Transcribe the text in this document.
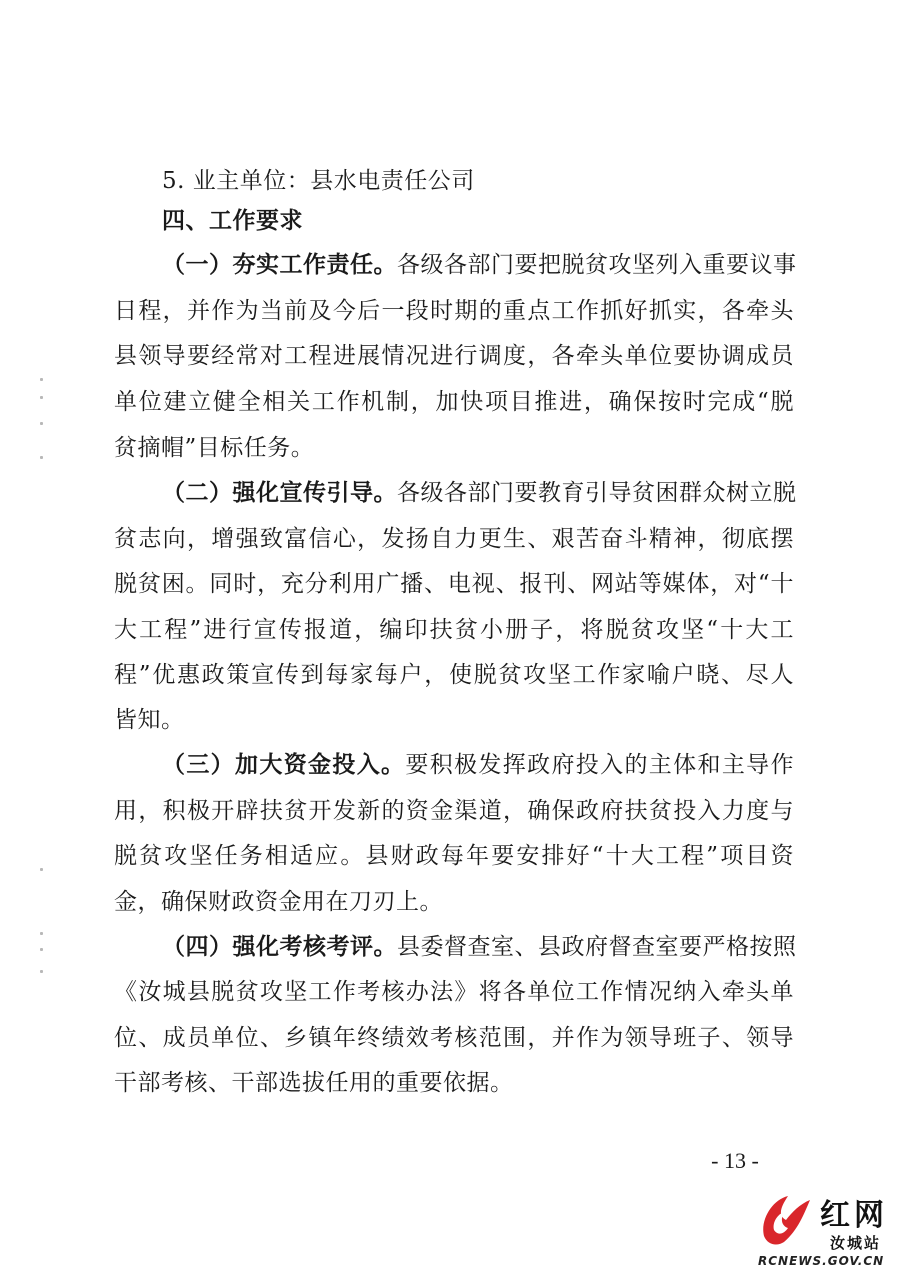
5. 业主单位：县水电责任公司
四、工作要求
（一）夯实工作责任。各级各部门要把脱贫攻坚列入重要议事
日程，并作为当前及今后一段时期的重点工作抓好抓实，各牵头
县领导要经常对工程进展情况进行调度，各牵头单位要协调成员
单位建立健全相关工作机制，加快项目推进，确保按时完成“脱
贫摘帽”目标任务。
（二）强化宣传引导。各级各部门要教育引导贫困群众树立脱
贫志向，增强致富信心，发扬自力更生、艰苦奋斗精神，彻底摆
脱贫困。同时，充分利用广播、电视、报刊、网站等媒体，对“十
大工程”进行宣传报道，编印扶贫小册子，将脱贫攻坚“十大工
程”优惠政策宣传到每家每户，使脱贫攻坚工作家喻户晓、尽人
皆知。
（三）加大资金投入。要积极发挥政府投入的主体和主导作
用，积极开辟扶贫开发新的资金渠道，确保政府扶贫投入力度与
脱贫攻坚任务相适应。县财政每年要安排好“十大工程”项目资
金，确保财政资金用在刀刃上。
（四）强化考核考评。县委督查室、县政府督查室要严格按照
《汝城县脱贫攻坚工作考核办法》将各单位工作情况纳入牵头单
位、成员单位、乡镇年终绩效考核范围，并作为领导班子、领导
干部考核、干部选拔任用的重要依据。
- 13 -
红网
汝城站
RCNEWS.GOV.CN
